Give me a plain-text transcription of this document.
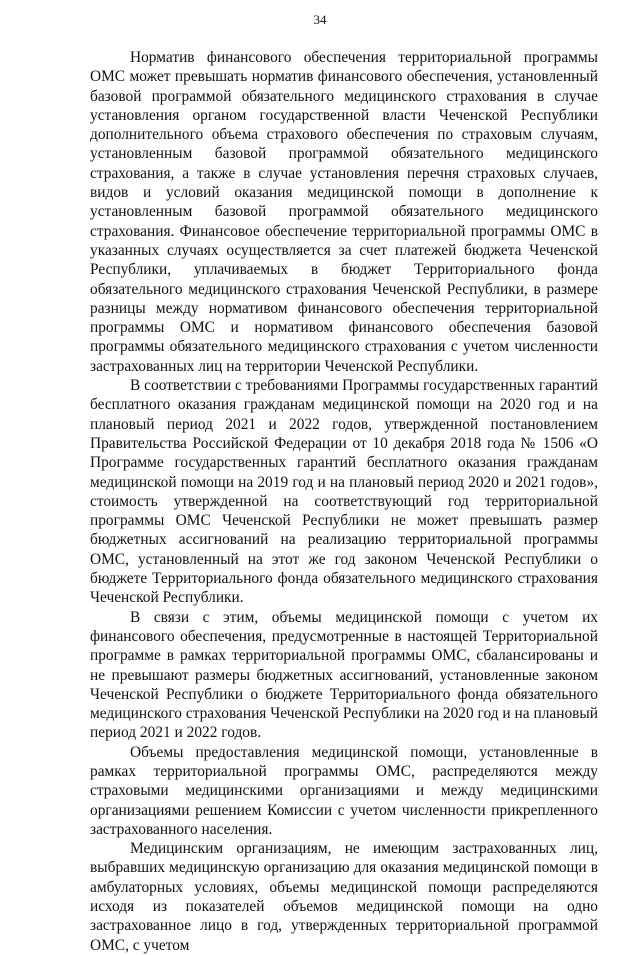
34

Норматив финансового обеспечения территориальной программы ОМС может превышать норматив финансового обеспечения, установленный базовой программой обязательного медицинского страхования в случае установления органом государственной власти Чеченской Республики дополнительного объема страхового обеспечения по страховым случаям, установленным базовой программой обязательного медицинского страхования, а также в случае установления перечня страховых случаев, видов и условий оказания медицинской помощи в дополнение к установленным базовой программой обязательного медицинского страхования. Финансовое обеспечение территориальной программы ОМС в указанных случаях осуществляется за счет платежей бюджета Чеченской Республики, уплачиваемых в бюджет Территориального фонда обязательного медицинского страхования Чеченской Республики, в размере разницы между нормативом финансового обеспечения территориальной программы ОМС и нормативом финансового обеспечения базовой программы обязательного медицинского страхования с учетом численности застрахованных лиц на территории Чеченской Республики.

В соответствии с требованиями Программы государственных гарантий бесплатного оказания гражданам медицинской помощи на 2020 год и на плановый период 2021 и 2022 годов, утвержденной постановлением Правительства Российской Федерации от 10 декабря 2018 года № 1506 «О Программе государственных гарантий бесплатного оказания гражданам медицинской помощи на 2019 год и на плановый период 2020 и 2021 годов», стоимость утвержденной на соответствующий год территориальной программы ОМС Чеченской Республики не может превышать размер бюджетных ассигнований на реализацию территориальной программы ОМС, установленный на этот же год законом Чеченской Республики о бюджете Территориального фонда обязательного медицинского страхования Чеченской Республики.

В связи с этим, объемы медицинской помощи с учетом их финансового обеспечения, предусмотренные в настоящей Территориальной программе в рамках территориальной программы ОМС, сбалансированы и не превышают размеры бюджетных ассигнований, установленные законом Чеченской Республики о бюджете Территориального фонда обязательного медицинского страхования Чеченской Республики на 2020 год и на плановый период 2021 и 2022 годов.

Объемы предоставления медицинской помощи, установленные в рамках территориальной программы ОМС, распределяются между страховыми медицинскими организациями и между медицинскими организациями решением Комиссии с учетом численности прикрепленного застрахованного населения.

Медицинским организациям, не имеющим застрахованных лиц, выбравших медицинскую организацию для оказания медицинской помощи в амбулаторных условиях, объемы медицинской помощи распределяются исходя из показателей объемов медицинской помощи на одно застрахованное лицо в год, утвержденных территориальной программой ОМС, с учетом
